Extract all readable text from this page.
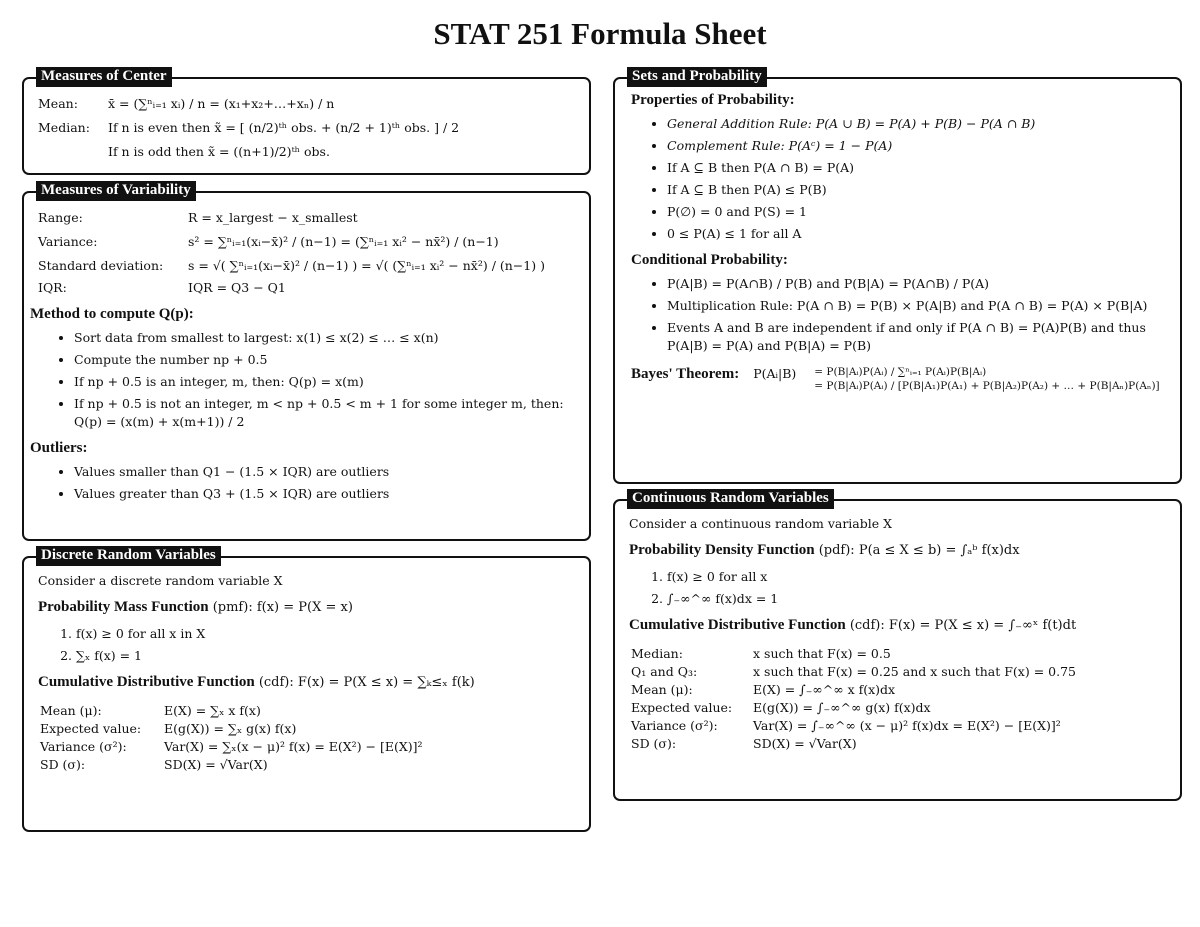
STAT 251 Formula Sheet
Measures of Center
Mean:	x̄ = (∑ⁿᵢ₌₁ xᵢ) / n = (x₁+x₂+…+xₙ) / n
Median:	If n is even then x̃ = [ (n/2)ᵗʰ obs. + (n/2 + 1)ᵗʰ obs. ] / 2
If n is odd then x̃ = ((n+1)/2)ᵗʰ obs.
Measures of Variability
Range:	R = x_largest − x_smallest
Variance:	s² = ∑ⁿᵢ₌₁(xᵢ−x̄)² / (n−1) = (∑ⁿᵢ₌₁ xᵢ² − nx̄²) / (n−1)
Standard deviation:	s = √( ∑ⁿᵢ₌₁(xᵢ−x̄)² / (n−1) ) = √( (∑ⁿᵢ₌₁ xᵢ² − nx̄²) / (n−1) )
IQR:	IQR = Q3 − Q1
Method to compute Q(p):
• Sort data from smallest to largest: x(1) ≤ x(2) ≤ … ≤ x(n)
• Compute the number np + 0.5
• If np + 0.5 is an integer, m, then: Q(p) = x(m)
• If np + 0.5 is not an integer, m < np + 0.5 < m + 1 for some integer m, then: Q(p) = (x(m) + x(m+1)) / 2
Outliers:
• Values smaller than Q1 − (1.5 × IQR) are outliers
• Values greater than Q3 + (1.5 × IQR) are outliers
Discrete Random Variables
Consider a discrete random variable X
Probability Mass Function (pmf): f(x) = P(X = x)
1. f(x) ≥ 0 for all x in X
2. ∑ₓ f(x) = 1
Cumulative Distributive Function (cdf): F(x) = P(X ≤ x) = ∑ₖ≤ₓ f(k)
Mean (μ):	E(X) = ∑ₓ x f(x)
Expected value:	E(g(X)) = ∑ₓ g(x) f(x)
Variance (σ²):	Var(X) = ∑ₓ(x − μ)² f(x) = E(X²) − [E(X)]²
SD (σ):	SD(X) = √Var(X)
Sets and Probability
Properties of Probability:
• General Addition Rule: P(A ∪ B) = P(A) + P(B) − P(A ∩ B)
• Complement Rule: P(Aᶜ) = 1 − P(A)
• If A ⊆ B then P(A ∩ B) = P(A)
• If A ⊆ B then P(A) ≤ P(B)
• P(∅) = 0 and P(S) = 1
• 0 ≤ P(A) ≤ 1 for all A
Conditional Probability:
• P(A|B) = P(A∩B) / P(B) and P(B|A) = P(A∩B) / P(A)
• Multiplication Rule: P(A ∩ B) = P(B) × P(A|B) and P(A ∩ B) = P(A) × P(B|A)
• Events A and B are independent if and only if P(A ∩ B) = P(A)P(B) and thus P(A|B) = P(A) and P(B|A) = P(B)
Bayes' Theorem: P(Aᵢ|B) = P(B|Aᵢ)P(Aᵢ) / ∑ⁿᵢ₌₁ P(Aᵢ)P(B|Aᵢ)
= P(B|Aᵢ)P(Aᵢ) / [P(B|A₁)P(A₁) + P(B|A₂)P(A₂) + … + P(B|Aₙ)P(Aₙ)]
Continuous Random Variables
Consider a continuous random variable X
Probability Density Function (pdf): P(a ≤ X ≤ b) = ∫ₐᵇ f(x)dx
1. f(x) ≥ 0 for all x
2. ∫₋∞^∞ f(x)dx = 1
Cumulative Distributive Function (cdf): F(x) = P(X ≤ x) = ∫₋∞ˣ f(t)dt
Median:	x such that F(x) = 0.5
Q₁ and Q₃:	x such that F(x) = 0.25 and x such that F(x) = 0.75
Mean (μ):	E(X) = ∫₋∞^∞ x f(x)dx
Expected value:	E(g(X)) = ∫₋∞^∞ g(x) f(x)dx
Variance (σ²):	Var(X) = ∫₋∞^∞ (x − μ)² f(x)dx = E(X²) − [E(X)]²
SD (σ):	SD(X) = √Var(X)
